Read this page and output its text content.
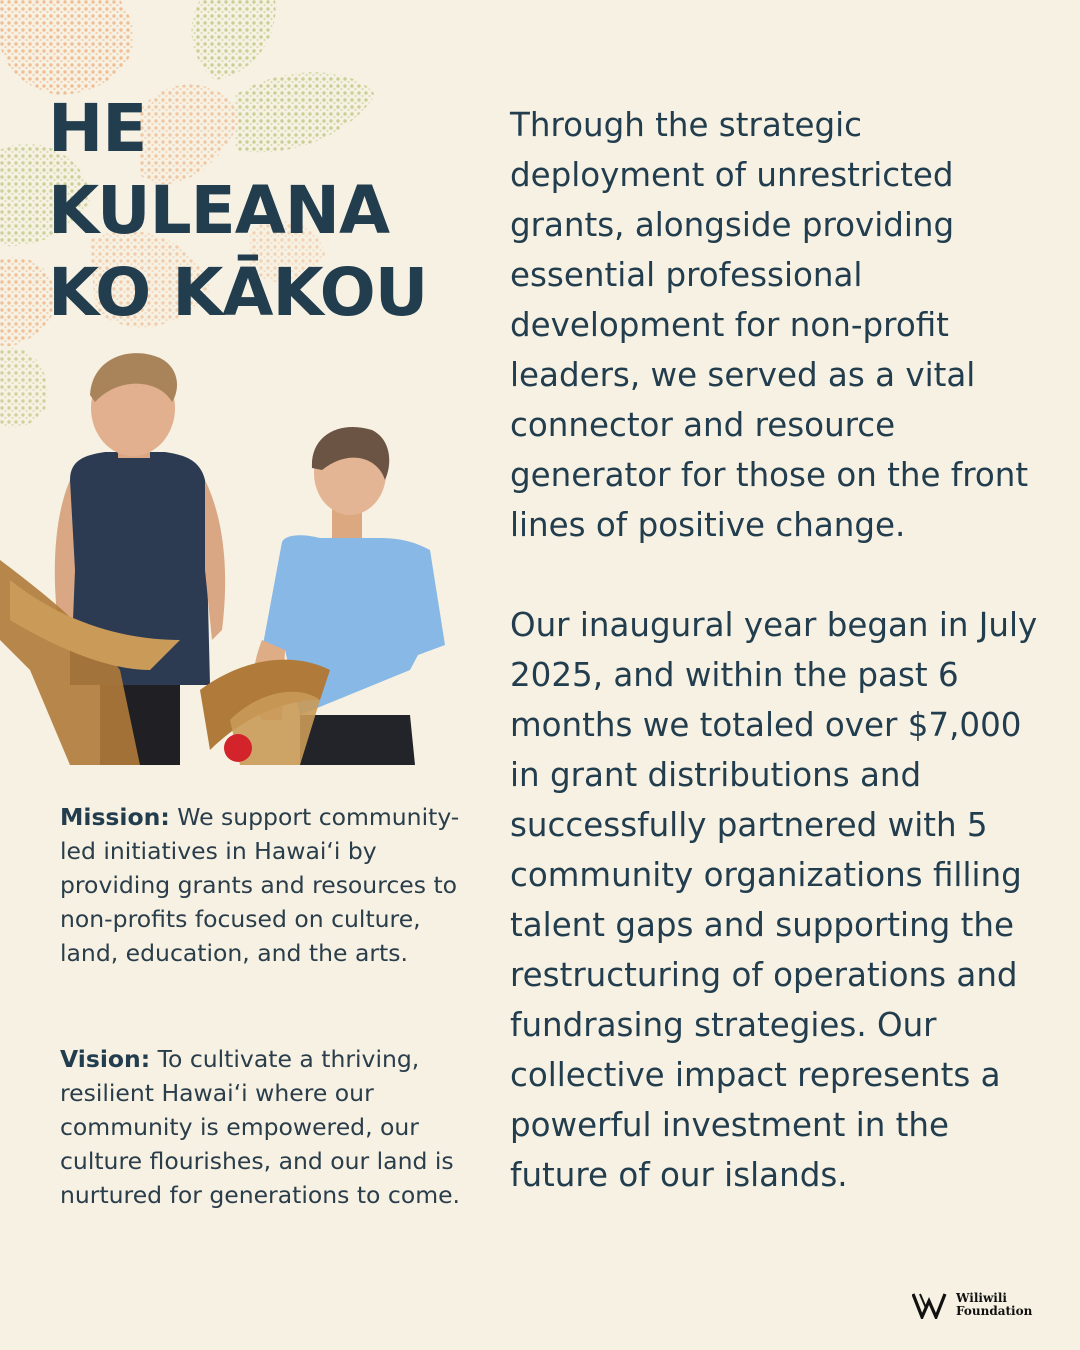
HE
KULEANA
KO KĀKOU
Mission: We support community-led initiatives in Hawai‘i by providing grants and resources to non-profits focused on culture, land, education, and the arts.
Vision: To cultivate a thriving, resilient Hawai‘i where our community is empowered, our culture flourishes, and our land is nurtured for generations to come.

Through the strategic deployment of unrestricted grants, alongside providing essential professional development for non-profit leaders, we served as a vital connector and resource generator for those on the front lines of positive change.

Our inaugural year began in July 2025, and within the past 6 months we totaled over $7,000 in grant distributions and successfully partnered with 5 community organizations filling talent gaps and supporting the restructuring of operations and fundrasing strategies. Our collective impact represents a powerful investment in the future of our islands.

Wiliwili
Foundation
